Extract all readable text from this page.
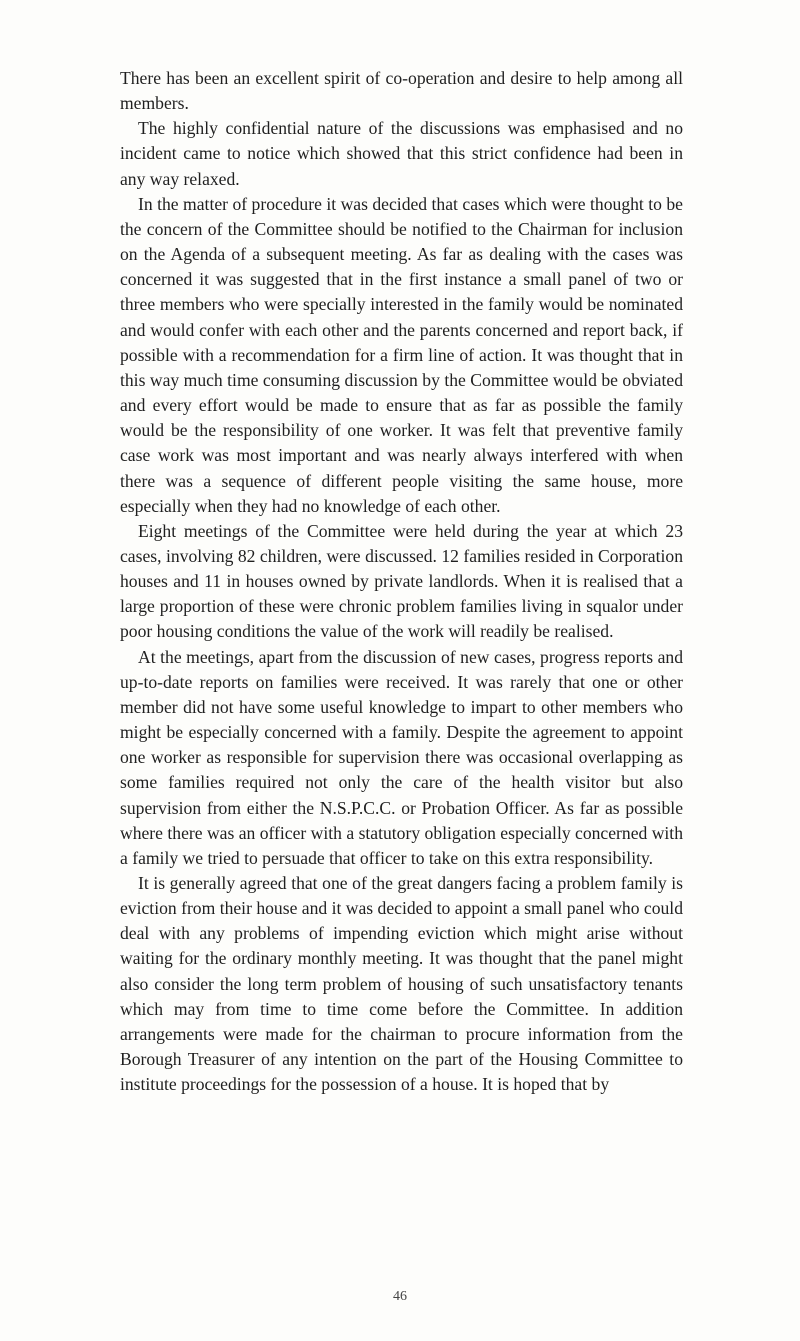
There has been an excellent spirit of co-operation and desire to help among all members.

The highly confidential nature of the discussions was emphasised and no incident came to notice which showed that this strict confidence had been in any way relaxed.

In the matter of procedure it was decided that cases which were thought to be the concern of the Committee should be notified to the Chairman for inclusion on the Agenda of a subsequent meeting. As far as dealing with the cases was concerned it was suggested that in the first instance a small panel of two or three members who were specially interested in the family would be nominated and would confer with each other and the parents concerned and report back, if possible with a recommendation for a firm line of action. It was thought that in this way much time consuming discussion by the Committee would be obviated and every effort would be made to ensure that as far as possible the family would be the responsibility of one worker. It was felt that preventive family case work was most important and was nearly always interfered with when there was a sequence of different people visiting the same house, more especially when they had no knowledge of each other.

Eight meetings of the Committee were held during the year at which 23 cases, involving 82 children, were discussed. 12 families resided in Corporation houses and 11 in houses owned by private landlords. When it is realised that a large proportion of these were chronic problem families living in squalor under poor housing conditions the value of the work will readily be realised.

At the meetings, apart from the discussion of new cases, progress reports and up-to-date reports on families were received. It was rarely that one or other member did not have some useful knowledge to impart to other members who might be especially concerned with a family. Despite the agreement to appoint one worker as responsible for supervision there was occasional overlapping as some families required not only the care of the health visitor but also supervision from either the N.S.P.C.C. or Probation Officer. As far as possible where there was an officer with a statutory obligation especially concerned with a family we tried to persuade that officer to take on this extra responsibility.

It is generally agreed that one of the great dangers facing a problem family is eviction from their house and it was decided to appoint a small panel who could deal with any problems of impending eviction which might arise without waiting for the ordinary monthly meeting. It was thought that the panel might also consider the long term problem of housing of such unsatisfactory tenants which may from time to time come before the Committee. In addition arrangements were made for the chairman to procure information from the Borough Treasurer of any intention on the part of the Housing Committee to institute proceedings for the possession of a house. It is hoped that by

46
